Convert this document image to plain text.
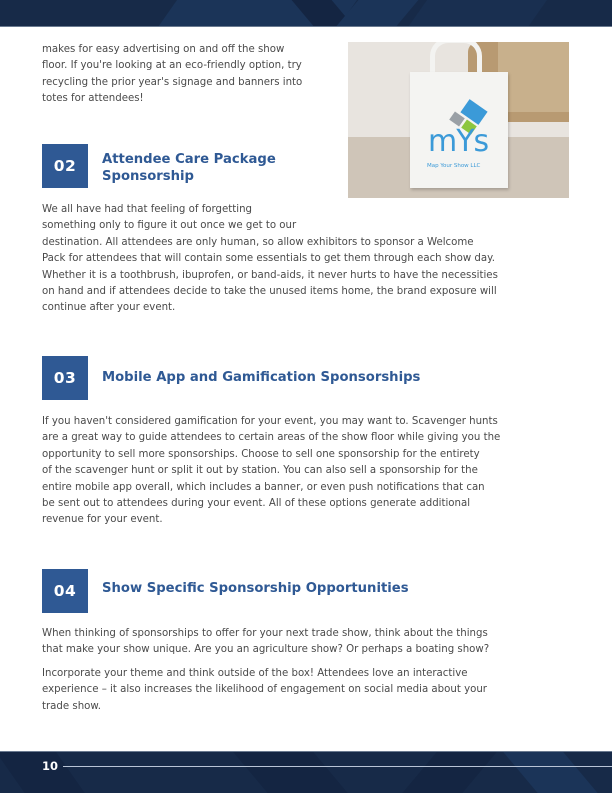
makes for easy advertising on and off the show

floor. If you're looking at an eco-friendly option, try

recycling the prior year's signage and banners into

totes for attendees!

mYs
Map Your Show LLC
02	Attendee Care Package

Sponsorship

We all have had that feeling of forgetting

something only to figure it out once we get to our

destination. All attendees are only human, so allow exhibitors to sponsor a Welcome

Pack for attendees that will contain some essentials to get them through each show day.

Whether it is a toothbrush, ibuprofen, or band-aids, it never hurts to have the necessities

on hand and if attendees decide to take the unused items home, the brand exposure will

continue after your event.

03	Mobile App and Gamification Sponsorships

If you haven't considered gamification for your event, you may want to. Scavenger hunts

are a great way to guide attendees to certain areas of the show floor while giving you the

opportunity to sell more sponsorships. Choose to sell one sponsorship for the entirety

of the scavenger hunt or split it out by station. You can also sell a sponsorship for the

entire mobile app overall, which includes a banner, or even push notifications that can

be sent out to attendees during your event. All of these options generate additional

revenue for your event.

04	Show Specific Sponsorship Opportunities

When thinking of sponsorships to offer for your next trade show, think about the things

that make your show unique. Are you an agriculture show? Or perhaps a boating show?

Incorporate your theme and think outside of the box! Attendees love an interactive

experience – it also increases the likelihood of engagement on social media about your

trade show.

10
